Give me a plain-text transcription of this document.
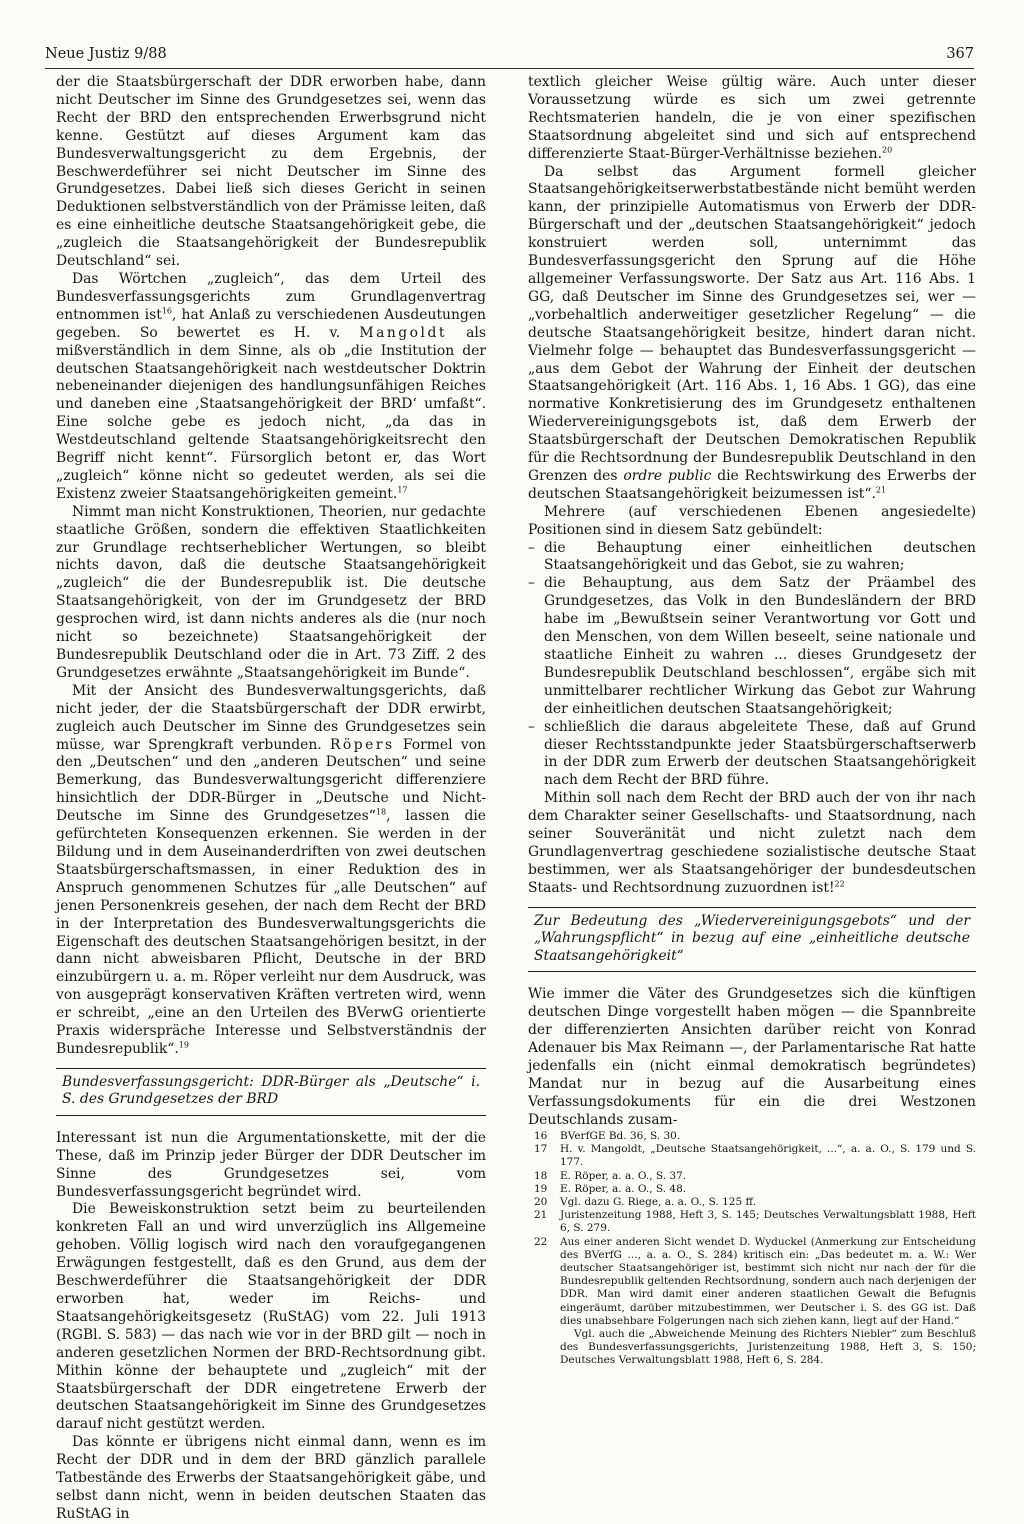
Neue Justiz 9/88	367

der die Staatsbürgerschaft der DDR erworben habe, dann nicht Deutscher im Sinne des Grundgesetzes sei, wenn das Recht der BRD den entsprechenden Erwerbsgrund nicht kenne. Gestützt auf dieses Argument kam das Bundesverwaltungsgericht zu dem Ergebnis, der Beschwerdeführer sei nicht Deutscher im Sinne des Grundgesetzes. Dabei ließ sich dieses Gericht in seinen Deduktionen selbstverständlich von der Prämisse leiten, daß es eine einheitliche deutsche Staatsangehörigkeit gebe, die „zugleich die Staatsangehörigkeit der Bundesrepublik Deutschland“ sei.

Das Wörtchen „zugleich“, das dem Urteil des Bundesverfassungsgerichts zum Grundlagenvertrag entnommen ist$^{16}$, hat Anlaß zu verschiedenen Ausdeutungen gegeben. So bewertet es H. v. Mangoldt als mißverständlich in dem Sinne, als ob „die Institution der deutschen Staatsangehörigkeit nach westdeutscher Doktrin nebeneinander diejenigen des handlungsunfähigen Reiches und daneben eine ‚Staatsangehörigkeit der BRD‘ umfaßt“. Eine solche gebe es jedoch nicht, „da das in Westdeutschland geltende Staatsangehörigkeitsrecht den Begriff nicht kennt“. Fürsorglich betont er, das Wort „zugleich“ könne nicht so gedeutet werden, als sei die Existenz zweier Staatsangehörigkeiten gemeint.$^{17}$

Nimmt man nicht Konstruktionen, Theorien, nur gedachte staatliche Größen, sondern die effektiven Staatlichkeiten zur Grundlage rechtserheblicher Wertungen, so bleibt nichts davon, daß die deutsche Staatsangehörigkeit „zugleich“ die der Bundesrepublik ist. Die deutsche Staatsangehörigkeit, von der im Grundgesetz der BRD gesprochen wird, ist dann nichts anderes als die (nur noch nicht so bezeichnete) Staatsangehörigkeit der Bundesrepublik Deutschland oder die in Art. 73 Ziff. 2 des Grundgesetzes erwähnte „Staatsangehörigkeit im Bunde“.

Mit der Ansicht des Bundesverwaltungsgerichts, daß nicht jeder, der die Staatsbürgerschaft der DDR erwirbt, zugleich auch Deutscher im Sinne des Grundgesetzes sein müsse, war Sprengkraft verbunden. Röpers Formel von den „Deutschen“ und den „anderen Deutschen“ und seine Bemerkung, das Bundesverwaltungsgericht differenziere hinsichtlich der DDR-Bürger in „Deutsche und Nicht-Deutsche im Sinne des Grundgesetzes“$^{18}$, lassen die gefürchteten Konsequenzen erkennen. Sie werden in der Bildung und in dem Auseinanderdriften von zwei deutschen Staatsbürgerschaftsmassen, in einer Reduktion des in Anspruch genommenen Schutzes für „alle Deutschen“ auf jenen Personenkreis gesehen, der nach dem Recht der BRD in der Interpretation des Bundesverwaltungsgerichts die Eigenschaft des deutschen Staatsangehörigen besitzt, in der dann nicht abweisbaren Pflicht, Deutsche in der BRD einzubürgern u. a. m. Röper verleiht nur dem Ausdruck, was von ausgeprägt konservativen Kräften vertreten wird, wenn er schreibt, „eine an den Urteilen des BVerwG orientierte Praxis widerspräche Interesse und Selbstverständnis der Bundesrepublik“.$^{19}$

Bundesverfassungsgericht: DDR-Bürger als „Deutsche“ i. S. des Grundgesetzes der BRD

Interessant ist nun die Argumentationskette, mit der die These, daß im Prinzip jeder Bürger der DDR Deutscher im Sinne des Grundgesetzes sei, vom Bundesverfassungsgericht begründet wird.

Die Beweiskonstruktion setzt beim zu beurteilenden konkreten Fall an und wird unverzüglich ins Allgemeine gehoben. Völlig logisch wird nach den voraufgegangenen Erwägungen festgestellt, daß es den Grund, aus dem der Beschwerdeführer die Staatsangehörigkeit der DDR erworben hat, weder im Reichs- und Staatsangehörigkeitsgesetz (RuStAG) vom 22. Juli 1913 (RGBl. S. 583) — das nach wie vor in der BRD gilt — noch in anderen gesetzlichen Normen der BRD-Rechtsordnung gibt. Mithin könne der behauptete und „zugleich“ mit der Staatsbürgerschaft der DDR eingetretene Erwerb der deutschen Staatsangehörigkeit im Sinne des Grundgesetzes darauf nicht gestützt werden.

Das könnte er übrigens nicht einmal dann, wenn es im Recht der DDR und in dem der BRD gänzlich parallele Tatbestände des Erwerbs der Staatsangehörigkeit gäbe, und selbst dann nicht, wenn in beiden deutschen Staaten das RuStAG in

textlich gleicher Weise gültig wäre. Auch unter dieser Voraussetzung würde es sich um zwei getrennte Rechtsmaterien handeln, die je von einer spezifischen Staatsordnung abgeleitet sind und sich auf entsprechend differenzierte Staat-Bürger-Verhältnisse beziehen.$^{20}$

Da selbst das Argument formell gleicher Staatsangehörigkeitserwerbstatbestände nicht bemüht werden kann, der prinzipielle Automatismus von Erwerb der DDR-Bürgerschaft und der „deutschen Staatsangehörigkeit“ jedoch konstruiert werden soll, unternimmt das Bundesverfassungsgericht den Sprung auf die Höhe allgemeiner Verfassungsworte. Der Satz aus Art. 116 Abs. 1 GG, daß Deutscher im Sinne des Grundgesetzes sei, wer — „vorbehaltlich anderweitiger gesetzlicher Regelung“ — die deutsche Staatsangehörigkeit besitze, hindert daran nicht. Vielmehr folge — behauptet das Bundesverfassungsgericht — „aus dem Gebot der Wahrung der Einheit der deutschen Staatsangehörigkeit (Art. 116 Abs. 1, 16 Abs. 1 GG), das eine normative Konkretisierung des im Grundgesetz enthaltenen Wiedervereinigungsgebots ist, daß dem Erwerb der Staatsbürgerschaft der Deutschen Demokratischen Republik für die Rechtsordnung der Bundesrepublik Deutschland in den Grenzen des ordre public die Rechtswirkung des Erwerbs der deutschen Staatsangehörigkeit beizumessen ist“.$^{21}$

Mehrere (auf verschiedenen Ebenen angesiedelte) Positionen sind in diesem Satz gebündelt:

– die Behauptung einer einheitlichen deutschen Staatsangehörigkeit und das Gebot, sie zu wahren;
– die Behauptung, aus dem Satz der Präambel des Grundgesetzes, das Volk in den Bundesländern der BRD habe im „Bewußtsein seiner Verantwortung vor Gott und den Menschen, von dem Willen beseelt, seine nationale und staatliche Einheit zu wahren ... dieses Grundgesetz der Bundesrepublik Deutschland beschlossen“, ergäbe sich mit unmittelbarer rechtlicher Wirkung das Gebot zur Wahrung der einheitlichen deutschen Staatsangehörigkeit;
– schließlich die daraus abgeleitete These, daß auf Grund dieser Rechtsstandpunkte jeder Staatsbürgerschaftserwerb in der DDR zum Erwerb der deutschen Staatsangehörigkeit nach dem Recht der BRD führe.

Mithin soll nach dem Recht der BRD auch der von ihr nach dem Charakter seiner Gesellschafts- und Staatsordnung, nach seiner Souveränität und nicht zuletzt nach dem Grundlagenvertrag geschiedene sozialistische deutsche Staat bestimmen, wer als Staatsangehöriger der bundesdeutschen Staats- und Rechtsordnung zuzuordnen ist!$^{22}$

Zur Bedeutung des „Wiedervereinigungsgebots“ und der „Wahrungspflicht“ in bezug auf eine „einheitliche deutsche Staatsangehörigkeit“

Wie immer die Väter des Grundgesetzes sich die künftigen deutschen Dinge vorgestellt haben mögen — die Spannbreite der differenzierten Ansichten darüber reicht von Konrad Adenauer bis Max Reimann —, der Parlamentarische Rat hatte jedenfalls ein (nicht einmal demokratisch begründetes) Mandat nur in bezug auf die Ausarbeitung eines Verfassungsdokuments für ein die drei Westzonen Deutschlands zusam-

16 BVerfGE Bd. 36, S. 30.
17 H. v. Mangoldt, „Deutsche Staatsangehörigkeit, ...“, a. a. O., S. 179 und S. 177.
18 E. Röper, a. a. O., S. 37.
19 E. Röper, a. a. O., S. 48.
20 Vgl. dazu G. Riege, a. a. O., S. 125 ff.
21 Juristenzeitung 1988, Heft 3, S. 145; Deutsches Verwaltungsblatt 1988, Heft 6, S. 279.
22 Aus einer anderen Sicht wendet D. Wyduckel (Anmerkung zur Entscheidung des BVerfG ..., a. a. O., S. 284) kritisch ein: „Das bedeutet m. a. W.: Wer deutscher Staatsangehöriger ist, bestimmt sich nicht nur nach der für die Bundesrepublik geltenden Rechtsordnung, sondern auch nach derjenigen der DDR. Man wird damit einer anderen staatlichen Gewalt die Befugnis eingeräumt, darüber mitzubestimmen, wer Deutscher i. S. des GG ist. Daß dies unabsehbare Folgerungen nach sich ziehen kann, liegt auf der Hand.“
Vgl. auch die „Abweichende Meinung des Richters Niebler“ zum Beschluß des Bundesverfassungsgerichts, Juristenzeitung 1988, Heft 3, S. 150; Deutsches Verwaltungsblatt 1988, Heft 6, S. 284.
